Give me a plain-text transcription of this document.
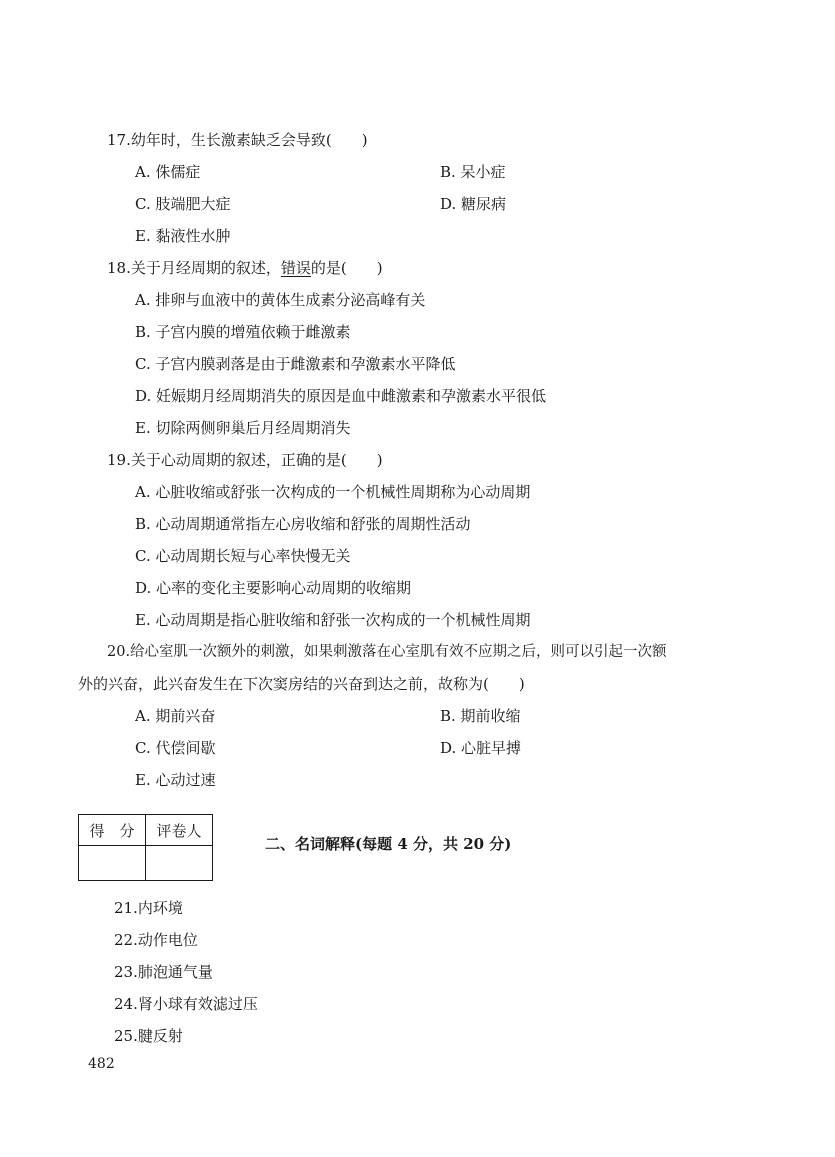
17.幼年时，生长激素缺乏会导致(　　)
A. 侏儒症	B. 呆小症
C. 肢端肥大症	D. 糖尿病
E. 黏液性水肿
18.关于月经周期的叙述，错误的是(　　)
A. 排卵与血液中的黄体生成素分泌高峰有关
B. 子宫内膜的增殖依赖于雌激素
C. 子宫内膜剥落是由于雌激素和孕激素水平降低
D. 妊娠期月经周期消失的原因是血中雌激素和孕激素水平很低
E. 切除两侧卵巢后月经周期消失
19.关于心动周期的叙述，正确的是(　　)
A. 心脏收缩或舒张一次构成的一个机械性周期称为心动周期
B. 心动周期通常指左心房收缩和舒张的周期性活动
C. 心动周期长短与心率快慢无关
D. 心率的变化主要影响心动周期的收缩期
E. 心动周期是指心脏收缩和舒张一次构成的一个机械性周期
20.给心室肌一次额外的刺激，如果刺激落在心室肌有效不应期之后，则可以引起一次额
外的兴奋，此兴奋发生在下次窦房结的兴奋到达之前，故称为(　　)
A. 期前兴奋	B. 期前收缩
C. 代偿间歇	D. 心脏早搏
E. 心动过速
得　分	评卷人

二、名词解释(每题 4 分，共 20 分)
21.内环境
22.动作电位
23.肺泡通气量
24.肾小球有效滤过压
25.腱反射
482
